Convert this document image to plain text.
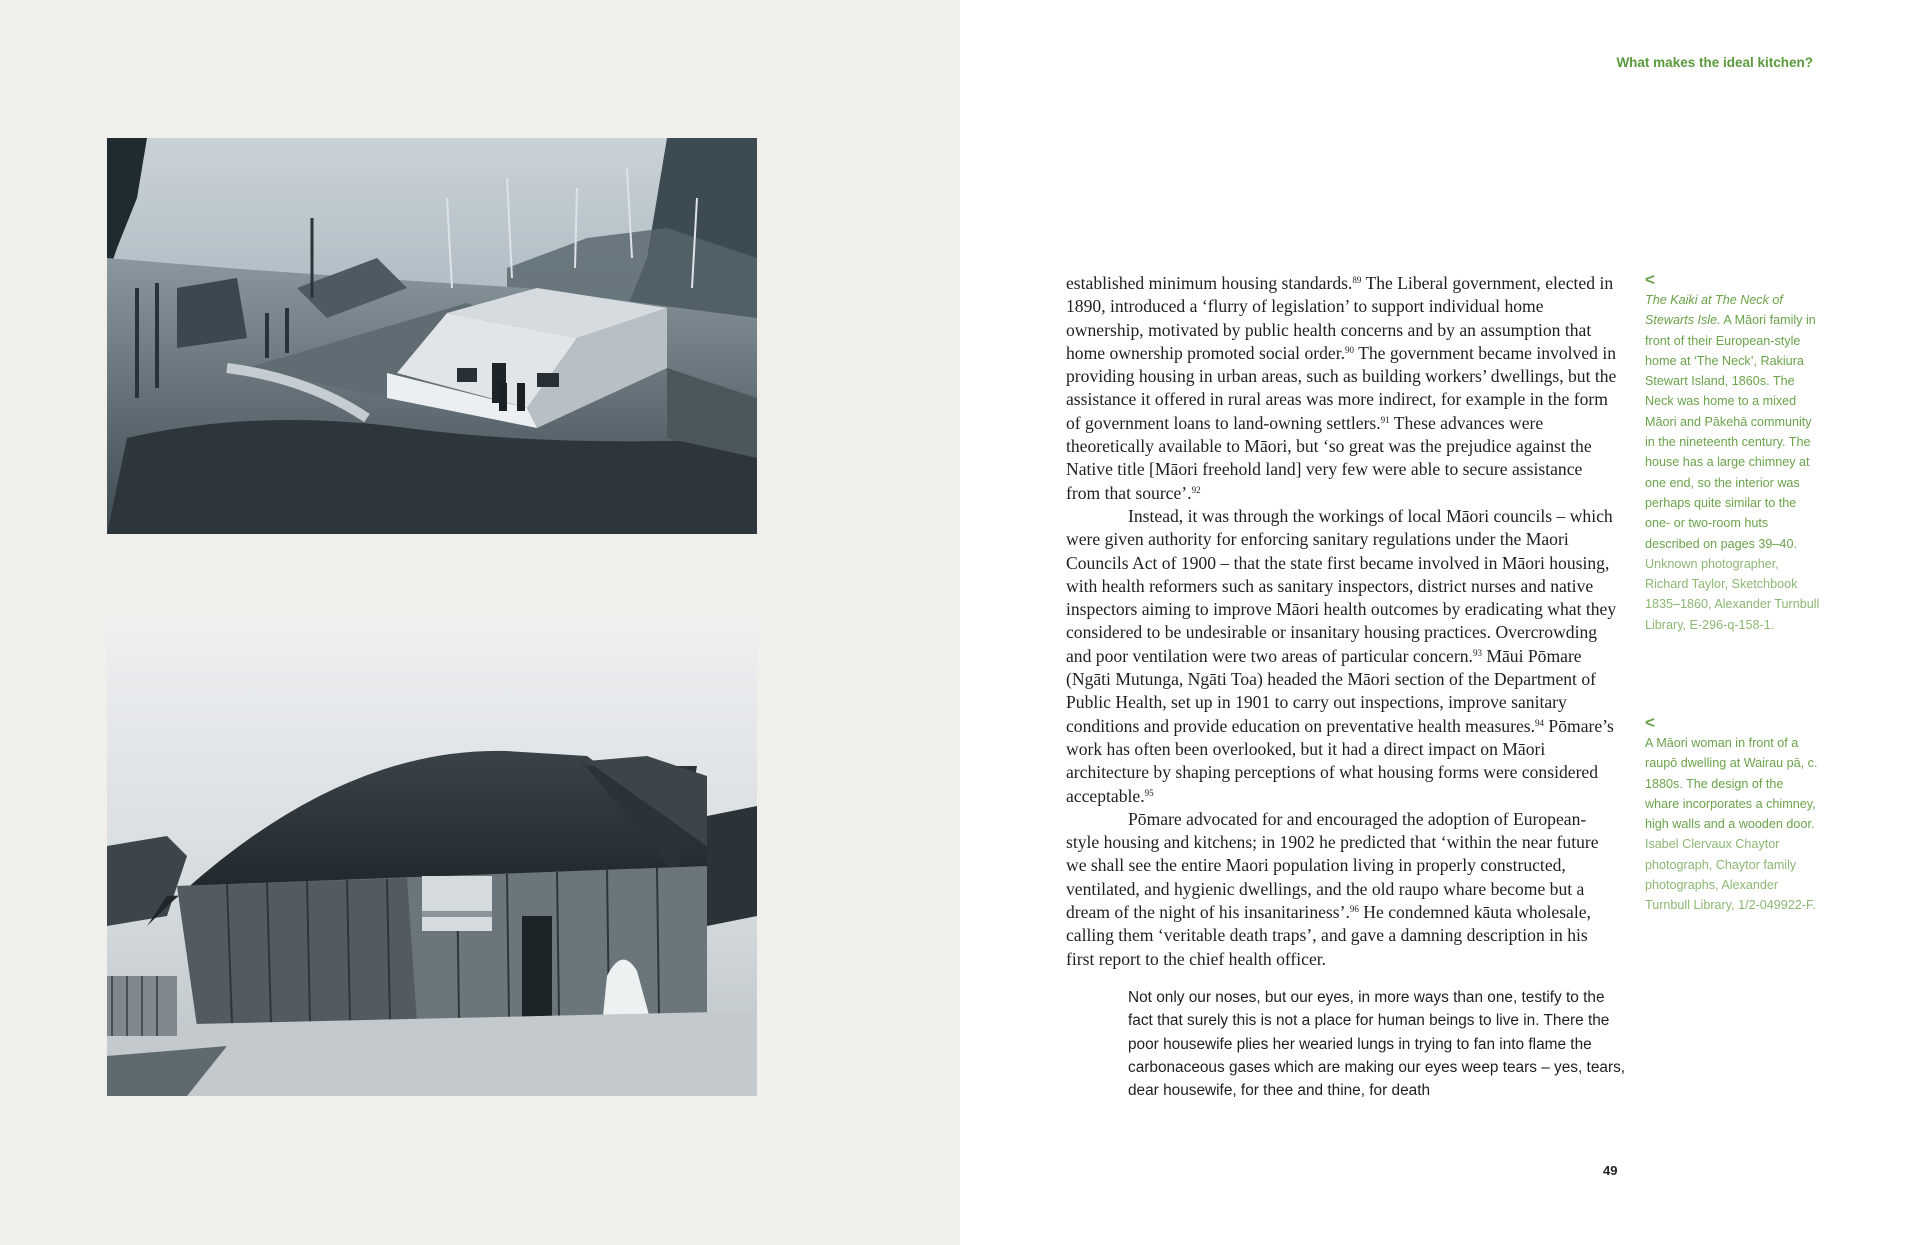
What makes the ideal kitchen?

established minimum housing standards.$^{89}$ The Liberal government, elected in 1890, introduced a ‘flurry of legislation’ to support individual home ownership, motivated by public health concerns and by an assumption that home ownership promoted social order.$^{90}$ The government became involved in providing housing in urban areas, such as building workers’ dwellings, but the assistance it offered in rural areas was more indirect, for example in the form of government loans to land-owning settlers.$^{91}$ These advances were theoretically available to Māori, but ‘so great was the prejudice against the Native title [Māori freehold land] very few were able to secure assistance from that source’.$^{92}$

Instead, it was through the workings of local Māori councils – which were given authority for enforcing sanitary regulations under the Maori Councils Act of 1900 – that the state first became involved in Māori housing, with health reformers such as sanitary inspectors, district nurses and native inspectors aiming to improve Māori health outcomes by eradicating what they considered to be undesirable or insanitary housing practices. Overcrowding and poor ventilation were two areas of particular concern.$^{93}$ Māui Pōmare (Ngāti Mutunga, Ngāti Toa) headed the Māori section of the Department of Public Health, set up in 1901 to carry out inspections, improve sanitary conditions and provide education on preventative health measures.$^{94}$ Pōmare’s work has often been overlooked, but it had a direct impact on Māori architecture by shaping perceptions of what housing forms were considered acceptable.$^{95}$

Pōmare advocated for and encouraged the adoption of European-style housing and kitchens; in 1902 he predicted that ‘within the near future we shall see the entire Maori population living in properly constructed, ventilated, and hygienic dwellings, and the old raupo whare become but a dream of the night of his insanitariness’.$^{96}$ He condemned kāuta wholesale, calling them ‘veritable death traps’, and gave a damning description in his first report to the chief health officer.

Not only our noses, but our eyes, in more ways than one, testify to the fact that surely this is not a place for human beings to live in. There the poor housewife plies her wearied lungs in trying to fan into flame the carbonaceous gases which are making our eyes weep tears – yes, tears, dear housewife, for thee and thine, for death
<
The Kaiki at The Neck of Stewarts Isle. A Māori family in front of their European-style home at ‘The Neck’, Rakiura Stewart Island, 1860s. The Neck was home to a mixed Māori and Pākehā community in the nineteenth century. The house has a large chimney at one end, so the interior was perhaps quite similar to the one- or two-room huts described on pages 39–40. Unknown photographer, Richard Taylor, Sketchbook 1835–1860, Alexander Turnbull Library, E-296-q-158-1.
<
A Māori woman in front of a raupō dwelling at Wairau pā, c. 1880s. The design of the whare incorporates a chimney, high walls and a wooden door. Isabel Clervaux Chaytor photograph, Chaytor family photographs, Alexander Turnbull Library, 1/2-049922-F.
49
